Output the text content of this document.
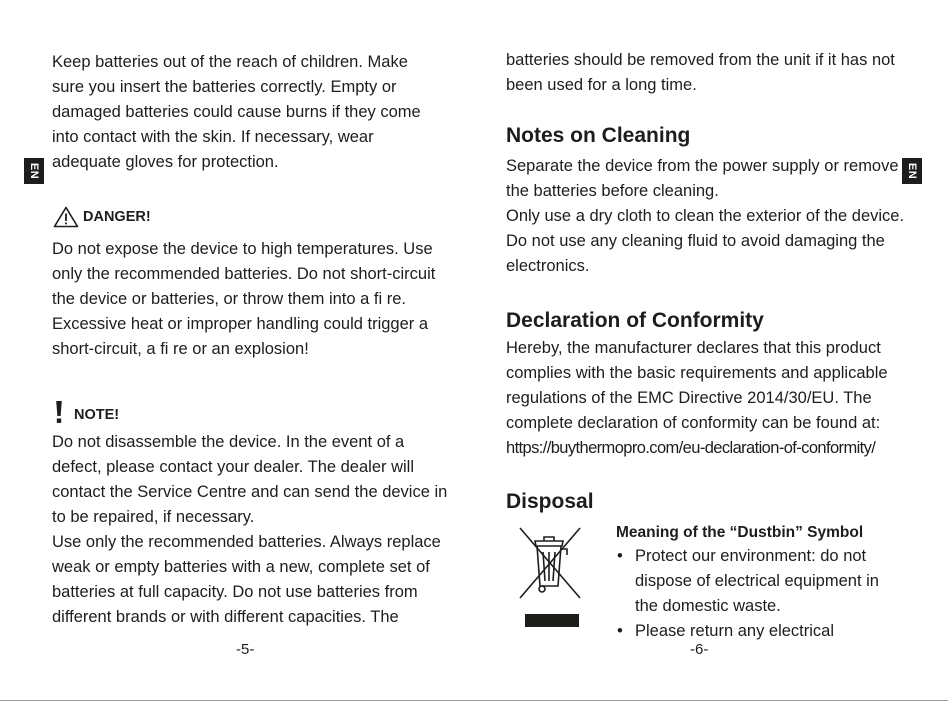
EN
Keep batteries out of the reach of children. Make
sure you insert the batteries correctly. Empty or
damaged batteries could cause burns if they come
into contact with the skin. If necessary, wear
adequate gloves for protection.
DANGER!
Do not expose the device to high temperatures. Use
only the recommended batteries. Do not short-circuit
the device or batteries, or throw them into a fi re.
Excessive heat or improper handling could trigger a
short-circuit, a fi re or an explosion!
NOTE!
Do not disassemble the device. In the event of a
defect, please contact your dealer. The dealer will
contact the Service Centre and can send the device in
to be repaired, if necessary.
Use only the recommended batteries. Always replace
weak or empty batteries with a new, complete set of
batteries at full capacity. Do not use batteries from
different brands or with different capacities. The
-5-
EN
batteries should be removed from the unit if it has not
been used for a long time.
Notes on Cleaning
Separate the device from the power supply or remove
the batteries before cleaning.
Only use a dry cloth to clean the exterior of the device.
Do not use any cleaning fluid to avoid damaging the
electronics.
Declaration of Conformity
Hereby, the manufacturer declares that this product
complies with the basic requirements and applicable
regulations of the EMC Directive 2014/30/EU. The
complete declaration of conformity can be found at:
https://buythermopro.com/eu-declaration-of-conformity/
Disposal
Meaning of the “Dustbin” Symbol
• Protect our environment: do not
dispose of electrical equipment in
the domestic waste.
• Please return any electrical
-6-
